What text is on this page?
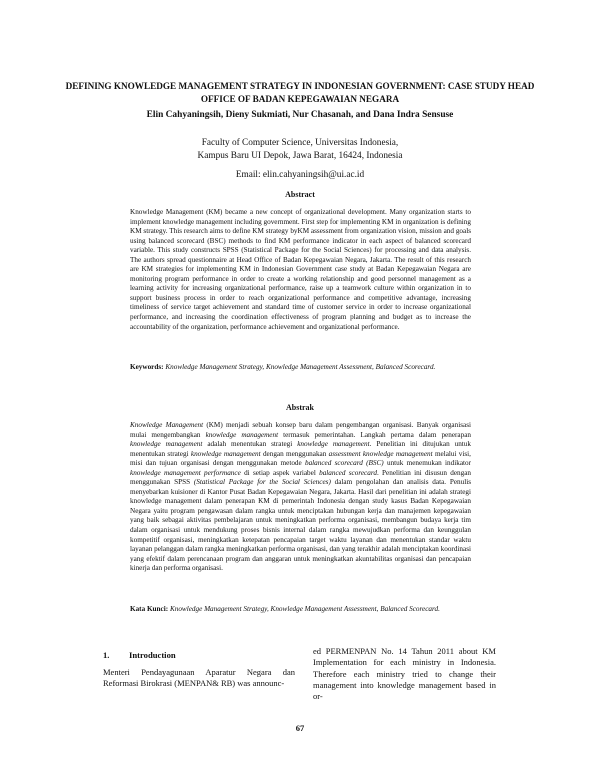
DEFINING KNOWLEDGE MANAGEMENT STRATEGY IN INDONESIAN GOVERNMENT: CASE STUDY HEAD OFFICE OF BADAN KEPEGAWAIAN NEGARA
Elin Cahyaningsih, Dieny Sukmiati, Nur Chasanah, and Dana Indra Sensuse
Faculty of Computer Science, Universitas Indonesia,
Kampus Baru UI Depok, Jawa Barat, 16424, Indonesia
Email: elin.cahyaningsih@ui.ac.id
Abstract
Knowledge Management (KM) became a new concept of organizational development. Many organization starts to implement knowledge management including government. First step for implementing KM in organization is defining KM strategy. This research aims to define KM strategy byKM assessment from organization vision, mission and goals using balanced scorecard (BSC) methods to find KM performance indicator in each aspect of balanced scorecard variable. This study constructs SPSS (Statistical Package for the Social Sciences) for processing and data analysis. The authors spread questionnaire at Head Office of Badan Kepegawaian Negara, Jakarta. The result of this research are KM strategies for implementing KM in Indonesian Government case study at Badan Kepegawaian Negara are monitoring program performance in order to create a working relationship and good personnel management as a learning activity for increasing organizational performance, raise up a teamwork culture within organization in to support business process in order to reach organizational performance and competitive advantage, increasing timeliness of service target achievement and standard time of customer service in order to increase organizational performance, and increasing the coordination effectiveness of program planning and budget as to increase the accountability of the organization, performance achievement and organizational performance.
Keywords: Knowledge Management Strategy, Knowledge Management Assessment, Balanced Scorecard.
Abstrak
Knowledge Management (KM) menjadi sebuah konsep baru dalam pengembangan organisasi. Banyak organisasi mulai mengembangkan knowledge management termasuk pemerintahan. Langkah pertama dalam penerapan knowledge management adalah menentukan strategi knowledge management. Penelitian ini ditujukan untuk menentukan strategi knowledge management dengan menggunakan assessment knowledge management melalui visi, misi dan tujuan organisasi dengan menggunakan metode balanced scorecard (BSC) untuk menemukan indikator knowledge management performance di setiap aspek variabel balanced scorecard. Penelitian ini disusun dengan menggunakan SPSS (Statistical Package for the Social Sciences) dalam pengolahan dan analisis data. Penulis menyebarkan kuisioner di Kantor Pusat Badan Kepegawaian Negara, Jakarta. Hasil dari penelitian ini adalah strategi knowledge management dalam penerapan KM di pemerintah Indonesia dengan study kasus Badan Kepegawaian Negara yaitu program pengawasan dalam rangka untuk menciptakan hubungan kerja dan manajemen kepegawaian yang baik sebagai aktivitas pembelajaran untuk meningkatkan performa organisasi, membangun budaya kerja tim dalam organisasi untuk mendukung proses bisnis internal dalam rangka mewujudkan performa dan keunggulan kompetitif organisasi, meningkatkan ketepatan pencapaian target waktu layanan dan menentukan standar waktu layanan pelanggan dalam rangka meningkatkan performa organisasi, dan yang terakhir adalah menciptakan koordinasi yang efektif dalam perencanaan program dan anggaran untuk meningkatkan akuntabilitas organisasi dan pencapaian kinerja dan performa organisasi.
Kata Kunci: Knowledge Management Strategy, Knowledge Management Assessment, Balanced Scorecard.
1. Introduction
Menteri Pendayagunaan Aparatur Negara dan Reformasi Birokrasi (MENPAN& RB) was announc-
ed PERMENPAN No. 14 Tahun 2011 about KM Implementation for each ministry in Indonesia. Therefore each ministry tried to change their management into knowledge management based in or-
67
